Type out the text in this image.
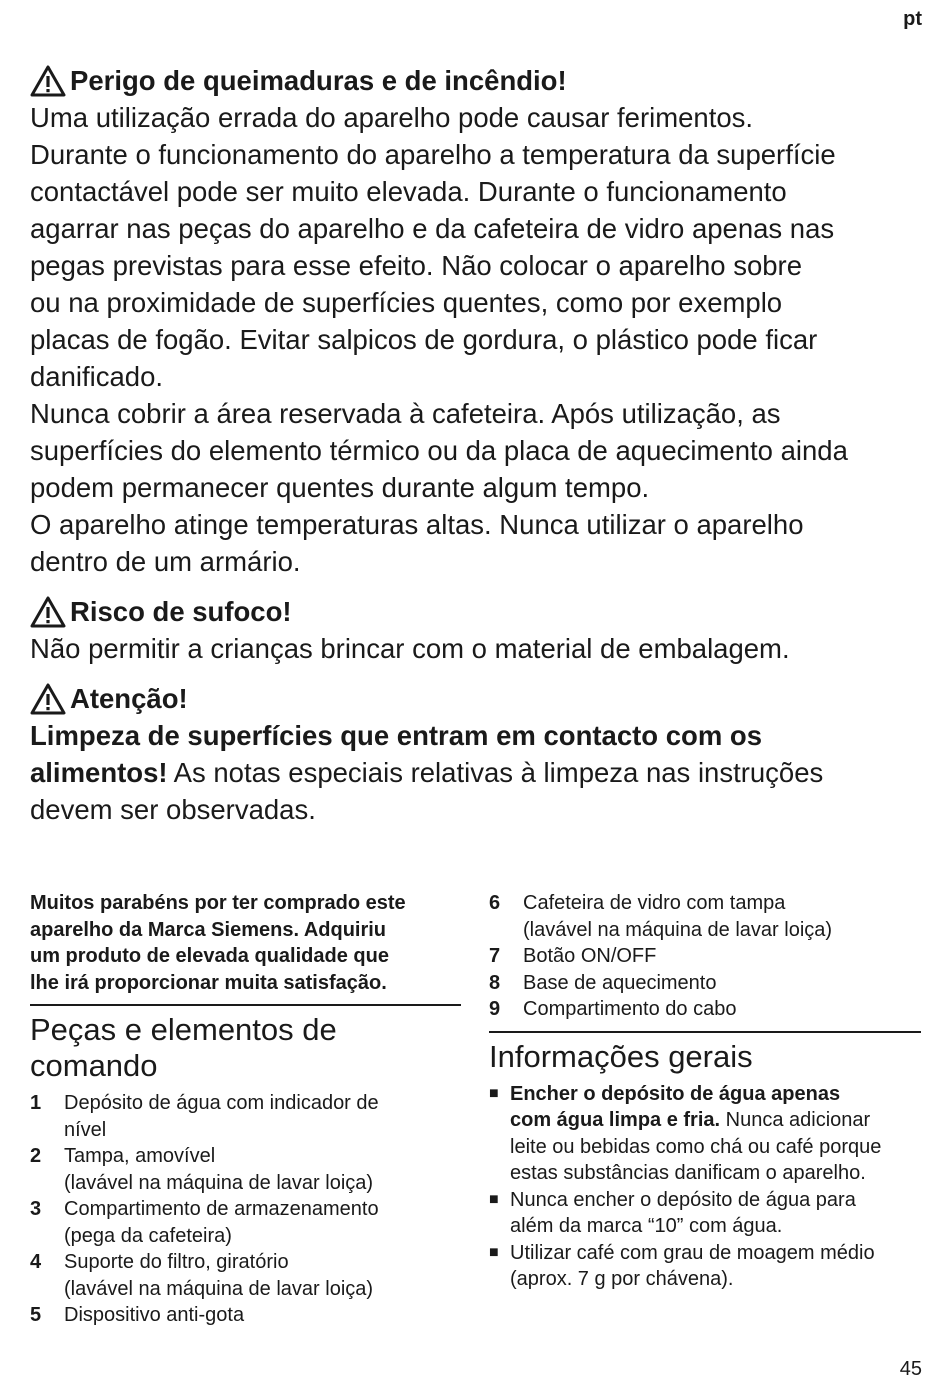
pt
Perigo de queimaduras e de incêndio!

Uma utilização errada do aparelho pode causar ferimentos.

Durante o funcionamento do aparelho a temperatura da superfície

contactável pode ser muito elevada. Durante o funcionamento

agarrar nas peças do aparelho e da cafeteira de vidro apenas nas

pegas previstas para esse efeito. Não colocar o aparelho sobre

ou na proximidade de superfícies quentes, como por exemplo

placas de fogão. Evitar salpicos de gordura, o plástico pode ficar

danificado.

Nunca cobrir a área reservada à cafeteira. Após utilização, as

superfícies do elemento térmico ou da placa de aquecimento ainda

podem permanecer quentes durante algum tempo.

O aparelho atinge temperaturas altas. Nunca utilizar o aparelho

dentro de um armário.

Risco de sufoco!

Não permitir a crianças brincar com o material de embalagem.

Atenção!

Limpeza de superfícies que entram em contacto com os

alimentos! As notas especiais relativas à limpeza nas instruções

devem ser observadas.

Muitos parabéns por ter comprado este
aparelho da Marca Siemens. Adquiriu
um produto de elevada qualidade que
lhe irá proporcionar muita satisfação.

Peças e elementos de
comando
1	Depósito de água com indicador de
nível
2	Tampa, amovível
(lavável na máquina de lavar loiça)
3	Compartimento de armazenamento
(pega da cafeteira)
4	Suporte do filtro, giratório
(lavável na máquina de lavar loiça)
5	Dispositivo anti-gota
6	Cafeteira de vidro com tampa
(lavável na máquina de lavar loiça)
7	Botão ON/OFF
8	Base de aquecimento
9	Compartimento do cabo
Informações gerais
■ Encher o depósito de água apenas
com água limpa e fria. Nunca adicionar
leite ou bebidas como chá ou café porque
estas substâncias danificam o aparelho.
■ Nunca encher o depósito de água para
além da marca “10” com água.
■ Utilizar café com grau de moagem médio
(aprox. 7 g por chávena).
45
